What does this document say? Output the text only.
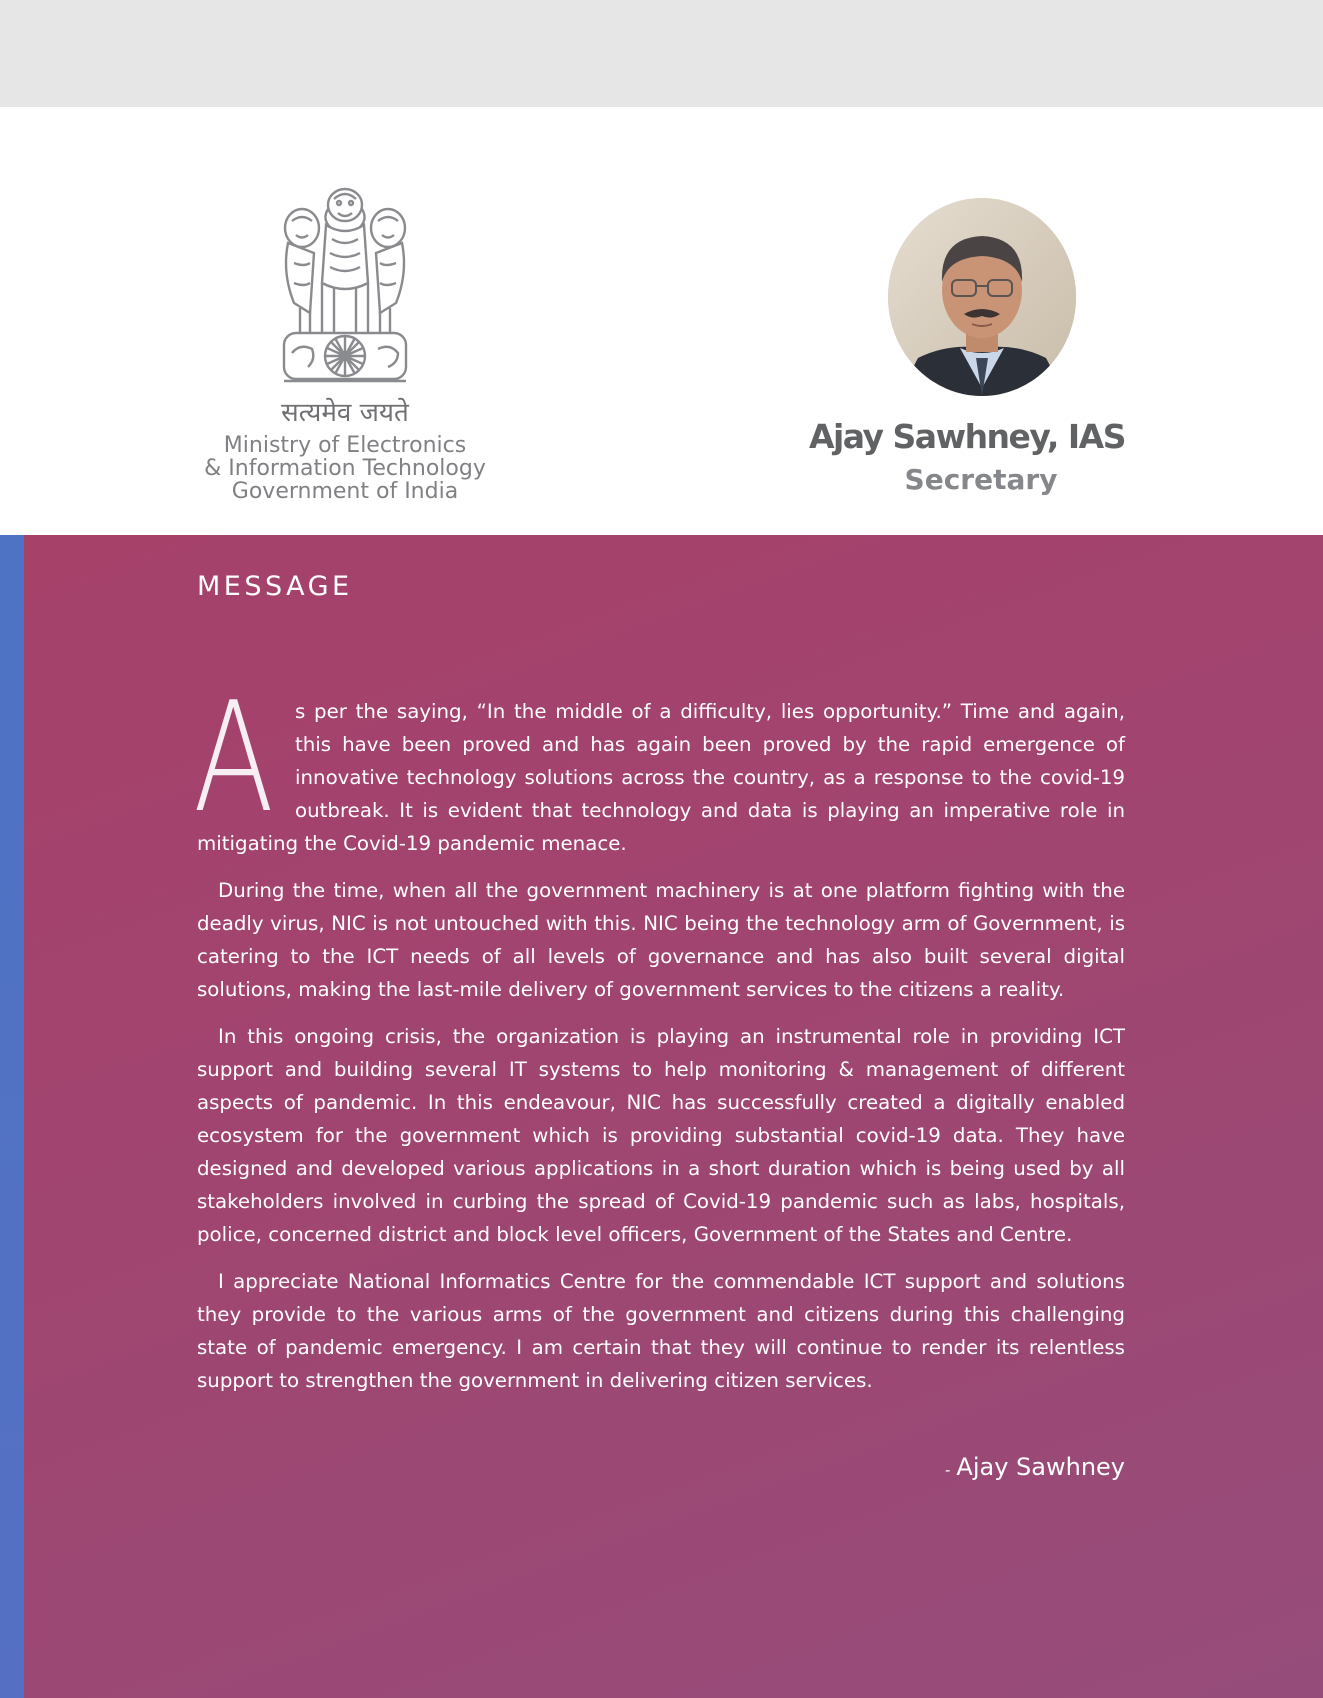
सत्यमेव जयते
Ministry of Electronics
& Information Technology
Government of India
Ajay Sawhney, IAS
Secretary
MESSAGE

A s per the saying, “In the middle of a difficulty, lies opportunity.” Time and again, this have been proved and has again been proved by the rapid emergence of innovative technology solutions across the country, as a response to the covid-19 outbreak. It is evident that technology and data is playing an imperative role in mitigating the Covid-19 pandemic menace.

During the time, when all the government machinery is at one platform fighting with the deadly virus, NIC is not untouched with this. NIC being the technology arm of Government, is catering to the ICT needs of all levels of governance and has also built several digital solutions, making the last-mile delivery of government services to the citizens a reality.

In this ongoing crisis, the organization is playing an instrumental role in providing ICT support and building several IT systems to help monitoring & management of different aspects of pandemic. In this endeavour, NIC has successfully created a digitally enabled ecosystem for the government which is providing substantial covid-19 data. They have designed and developed various applications in a short duration which is being used by all stakeholders involved in curbing the spread of Covid-19 pandemic such as labs, hospitals, police, concerned district and block level officers, Government of the States and Centre.

I appreciate National Informatics Centre for the commendable ICT support and solutions they provide to the various arms of the government and citizens during this challenging state of pandemic emergency. I am certain that they will continue to render its relentless support to strengthen the government in delivering citizen services.

- Ajay Sawhney
